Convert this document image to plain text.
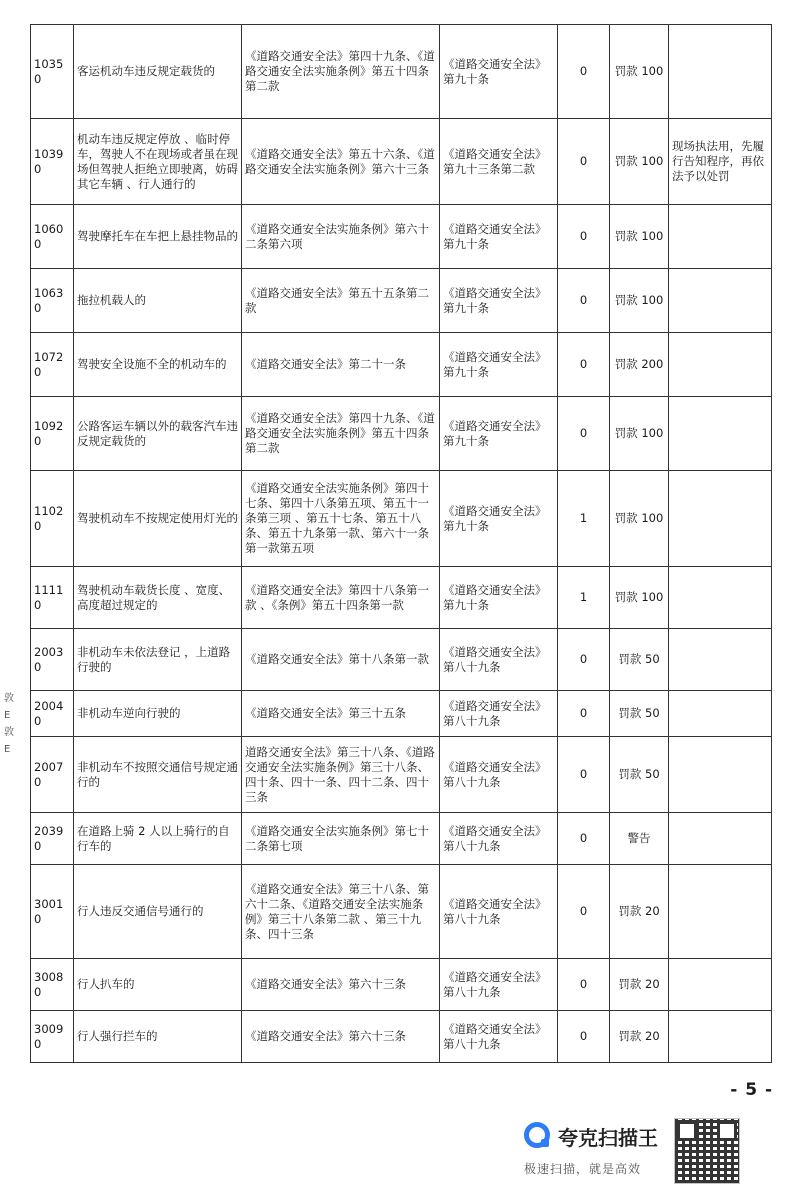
10350	客运机动车违反规定载货的	《道路交通安全法》第四十九条、《道路交通安全法实施条例》第五十四条第二款	《道路交通安全法》第九十条	0	罚款 100	
10390	机动车违反规定停放 、临时停车，驾驶人不在现场或者虽在现场但驾驶人拒绝立即驶离，妨碍其它车辆 、行人通行的	《道路交通安全法》第五十六条、《道路交通安全法实施条例》第六十三条	《道路交通安全法》第九十三条第二款	0	罚款 100	现场执法用，先履行告知程序，再依法予以处罚
10600	驾驶摩托车在车把上悬挂物品的	《道路交通安全法实施条例》第六十二条第六项	《道路交通安全法》第九十条	0	罚款 100	
10630	拖拉机载人的	《道路交通安全法》第五十五条第二款	《道路交通安全法》第九十条	0	罚款 100	
10720	驾驶安全设施不全的机动车的	《道路交通安全法》第二十一条	《道路交通安全法》第九十条	0	罚款 200	
10920	公路客运车辆以外的载客汽车违反规定载货的	《道路交通安全法》第四十九条、《道路交通安全法实施条例》第五十四条第二款	《道路交通安全法》第九十条	0	罚款 100	
11020	驾驶机动车不按规定使用灯光的	《道路交通安全法实施条例》第四十七条、第四十八条第五项、第五十一条第三项 、第五十七条、第五十八条、第五十九条第一款、第六十一条第一款第五项	《道路交通安全法》第九十条	1	罚款 100	
11110	驾驶机动车载货长度 、宽度、高度超过规定的	《道路交通安全法》第四十八条第一款 、《条例》第五十四条第一款	《道路交通安全法》第九十条	1	罚款 100	
20030	非机动车未依法登记 ，上道路行驶的	《道路交通安全法》第十八条第一款	《道路交通安全法》第八十九条	0	罚款 50	
20040	非机动车逆向行驶的	《道路交通安全法》第三十五条	《道路交通安全法》第八十九条	0	罚款 50	
20070	非机动车不按照交通信号规定通行的	道路交通安全法》第三十八条、《道路交通安全法实施条例》第三十八条、四十条、四十一条、四十二条、四十三条	《道路交通安全法》第八十九条	0	罚款 50	
20390	在道路上骑 2 人以上骑行的自行车的	《道路交通安全法实施条例》第七十二条第七项	《道路交通安全法》第八十九条	0	警告	
30010	行人违反交通信号通行的	《道路交通安全法》第三十八条、第六十二条、《道路交通安全法实施条例》第三十八条第二款 、第三十九条、四十三条	《道路交通安全法》第八十九条	0	罚款 20	
30080	行人扒车的	《道路交通安全法》第六十三条	《道路交通安全法》第八十九条	0	罚款 20	
30090	行人强行拦车的	《道路交通安全法》第六十三条	《道路交通安全法》第八十九条	0	罚款 20	
敦
E
敦
E
- 5 -
夸克扫描王
极速扫描，就是高效
